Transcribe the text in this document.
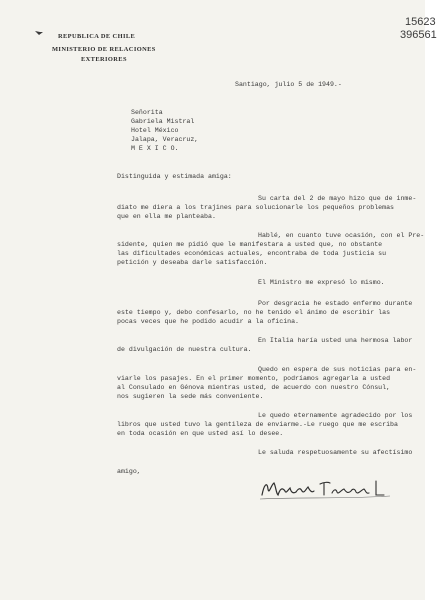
15623
396561
REPUBLICA DE CHILE
MINISTERIO DE RELACIONES
EXTERIORES
Santiago, julio 5 de 1949.-
Señorita
Gabriela Mistral
Hotel México
Jalapa, Veracruz,
M E X I C O.
Distinguida y estimada amiga:
Su carta del 2 de mayo hizo que de inme-
diato me diera a los trajines para solucionarle los pequeños problemas
que en ella me planteaba.
Hablé, en cuanto tuve ocasión, con el Pre-
sidente, quien me pidió que le manifestara a usted que, no obstante
las dificultades económicas actuales, encontraba de toda justicia su
petición y deseaba darle satisfacción.
El Ministro me expresó lo mismo.
Por desgracia he estado enfermo durante
este tiempo y, debo confesarlo, no he tenido el ánimo de escribir las
pocas veces que he podido acudir a la oficina.
En Italia haría usted una hermosa labor
de divulgación de nuestra cultura.
Quedo en espera de sus noticias para en-
viarle los pasajes. En el primer momento, podríamos agregarla a usted
al Consulado en Génova mientras usted, de acuerdo con nuestro Cónsul,
nos sugieren la sede más conveniente.
Le quedo eternamente agradecido por los
libros que usted tuvo la gentileza de enviarme.-Le ruego que me escriba
en toda ocasión en que usted así lo desee.
Le saluda respetuosamente su afectísimo
amigo,
